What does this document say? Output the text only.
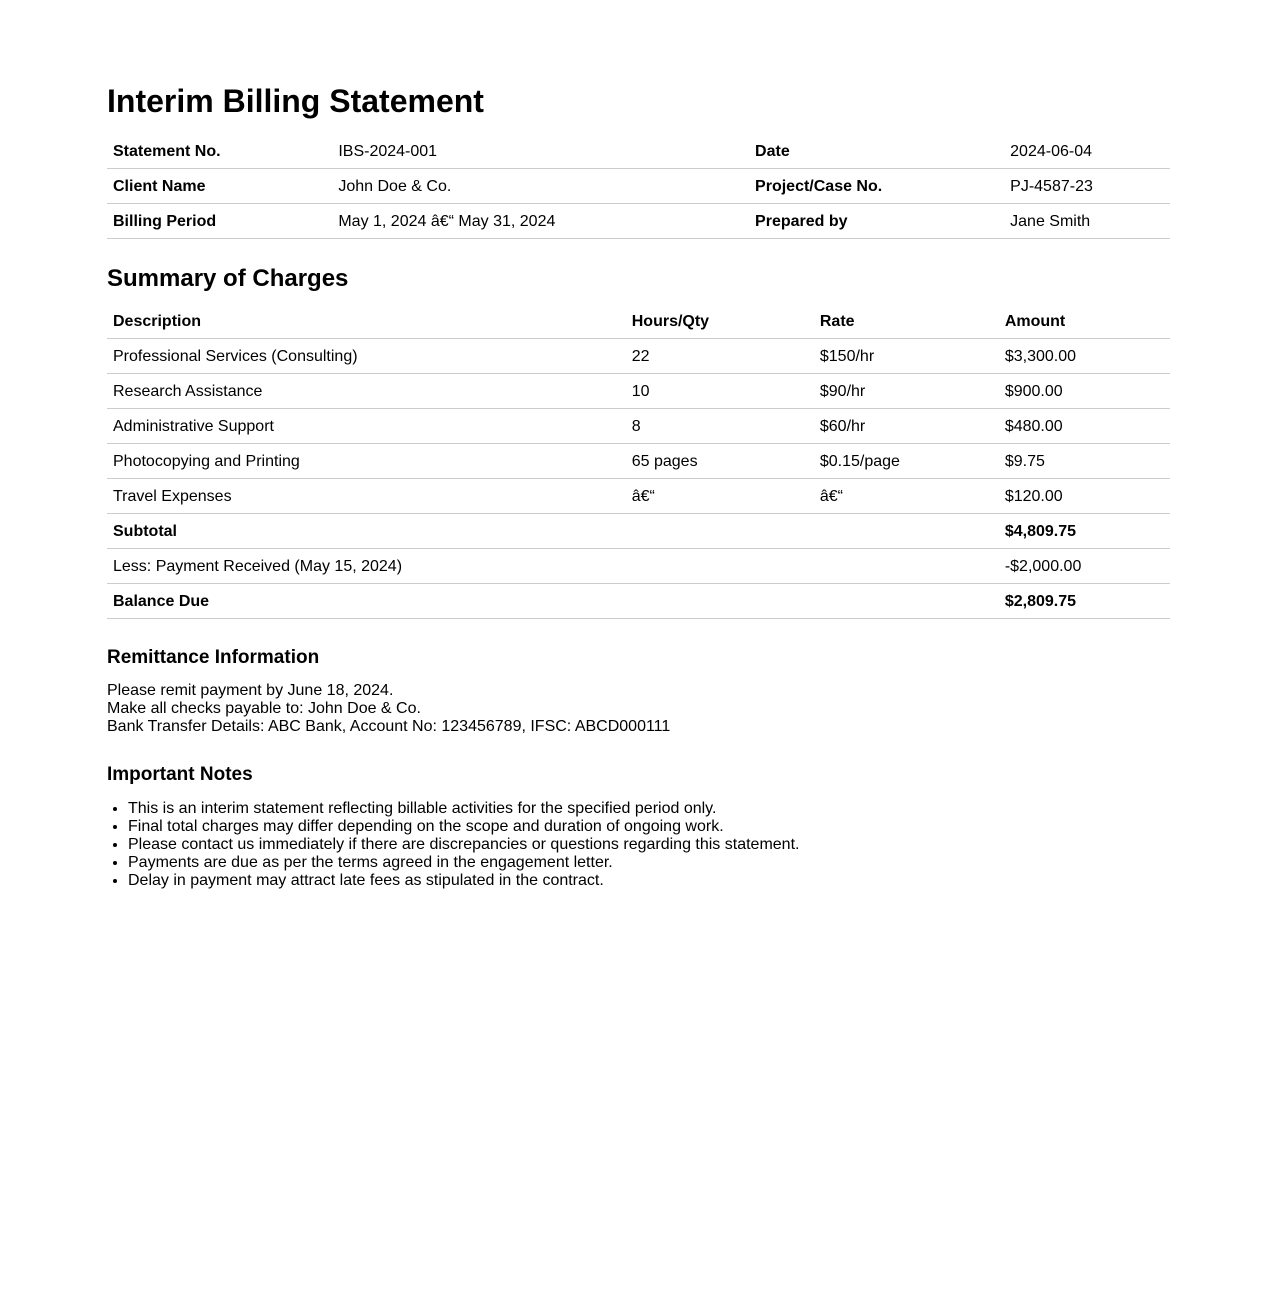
Interim Billing Statement
Statement No.	IBS-2024-001	Date	2024-06-04
Client Name	John Doe & Co.	Project/Case No.	PJ-4587-23
Billing Period	May 1, 2024 â€“ May 31, 2024	Prepared by	Jane Smith
Summary of Charges
Description	Hours/Qty	Rate	Amount
Professional Services (Consulting)	22	$150/hr	$3,300.00
Research Assistance	10	$90/hr	$900.00
Administrative Support	8	$60/hr	$480.00
Photocopying and Printing	65 pages	$0.15/page	$9.75
Travel Expenses	â€“	â€“	$120.00
Subtotal			$4,809.75
Less: Payment Received (May 15, 2024)			-$2,000.00
Balance Due			$2,809.75
Remittance Information

Please remit payment by June 18, 2024.

Make all checks payable to: John Doe & Co.

Bank Transfer Details: ABC Bank, Account No: 123456789, IFSC: ABCD000111

Important Notes
• This is an interim statement reflecting billable activities for the specified period only.
• Final total charges may differ depending on the scope and duration of ongoing work.
• Please contact us immediately if there are discrepancies or questions regarding this statement.
• Payments are due as per the terms agreed in the engagement letter.
• Delay in payment may attract late fees as stipulated in the contract.
